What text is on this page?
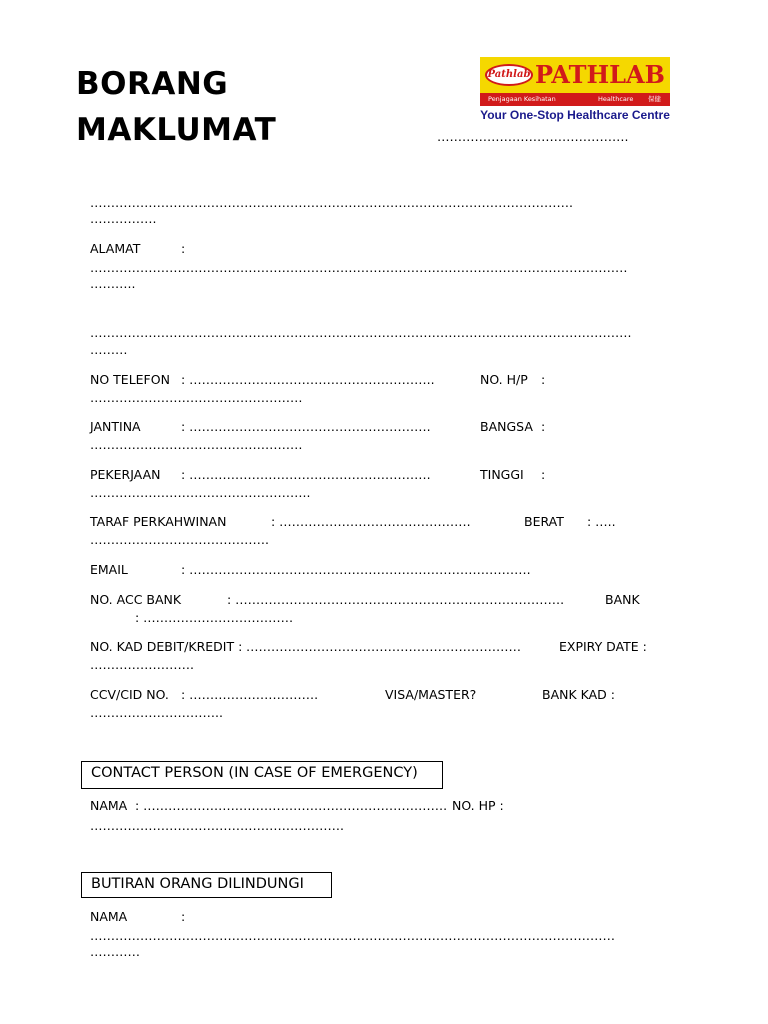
BORANG
MAKLUMAT
Pathlab PATHLAB
Penjagaan Kesihatan	Healthcare 保健
Your One-Stop Healthcare Centre
……………………………………….
…………………………………………………………………….……………………………….
…………….
ALAMAT	:
…………………………………………………………………………………………………………………
………..
………………………………………………………………………………………………………………….
………
NO TELEFON : …………………………………………………..	NO. H/P :
……………………………………………
JANTINA	: ………………………………………………….	BANGSA :
……………………………………………
PEKERJAAN : ………………………………………………….	TINGGI :
……………………………………………..
TARAF PERKAHWINAN	: ……………………………………….	BERAT : …..
…………………………………….
EMAIL	: ……………………………………………………………………….
NO. ACC BANK	: …………………………………………………………………….	BANK
: ………………………………
NO. KAD DEBIT/KREDIT : …………………………………………………………	EXPIRY DATE :
…………………….
CCV/CID NO. : ………………………….	VISA/MASTER?	BANK KAD :
…………………………..
CONTACT PERSON (IN CASE OF EMERGENCY)
NAMA : ………………………………………………………………. NO. HP :
…………………………………………………….
BUTIRAN ORANG DILINDUNGI
NAMA	:
………………………………………………………………………………………………………………
…………
